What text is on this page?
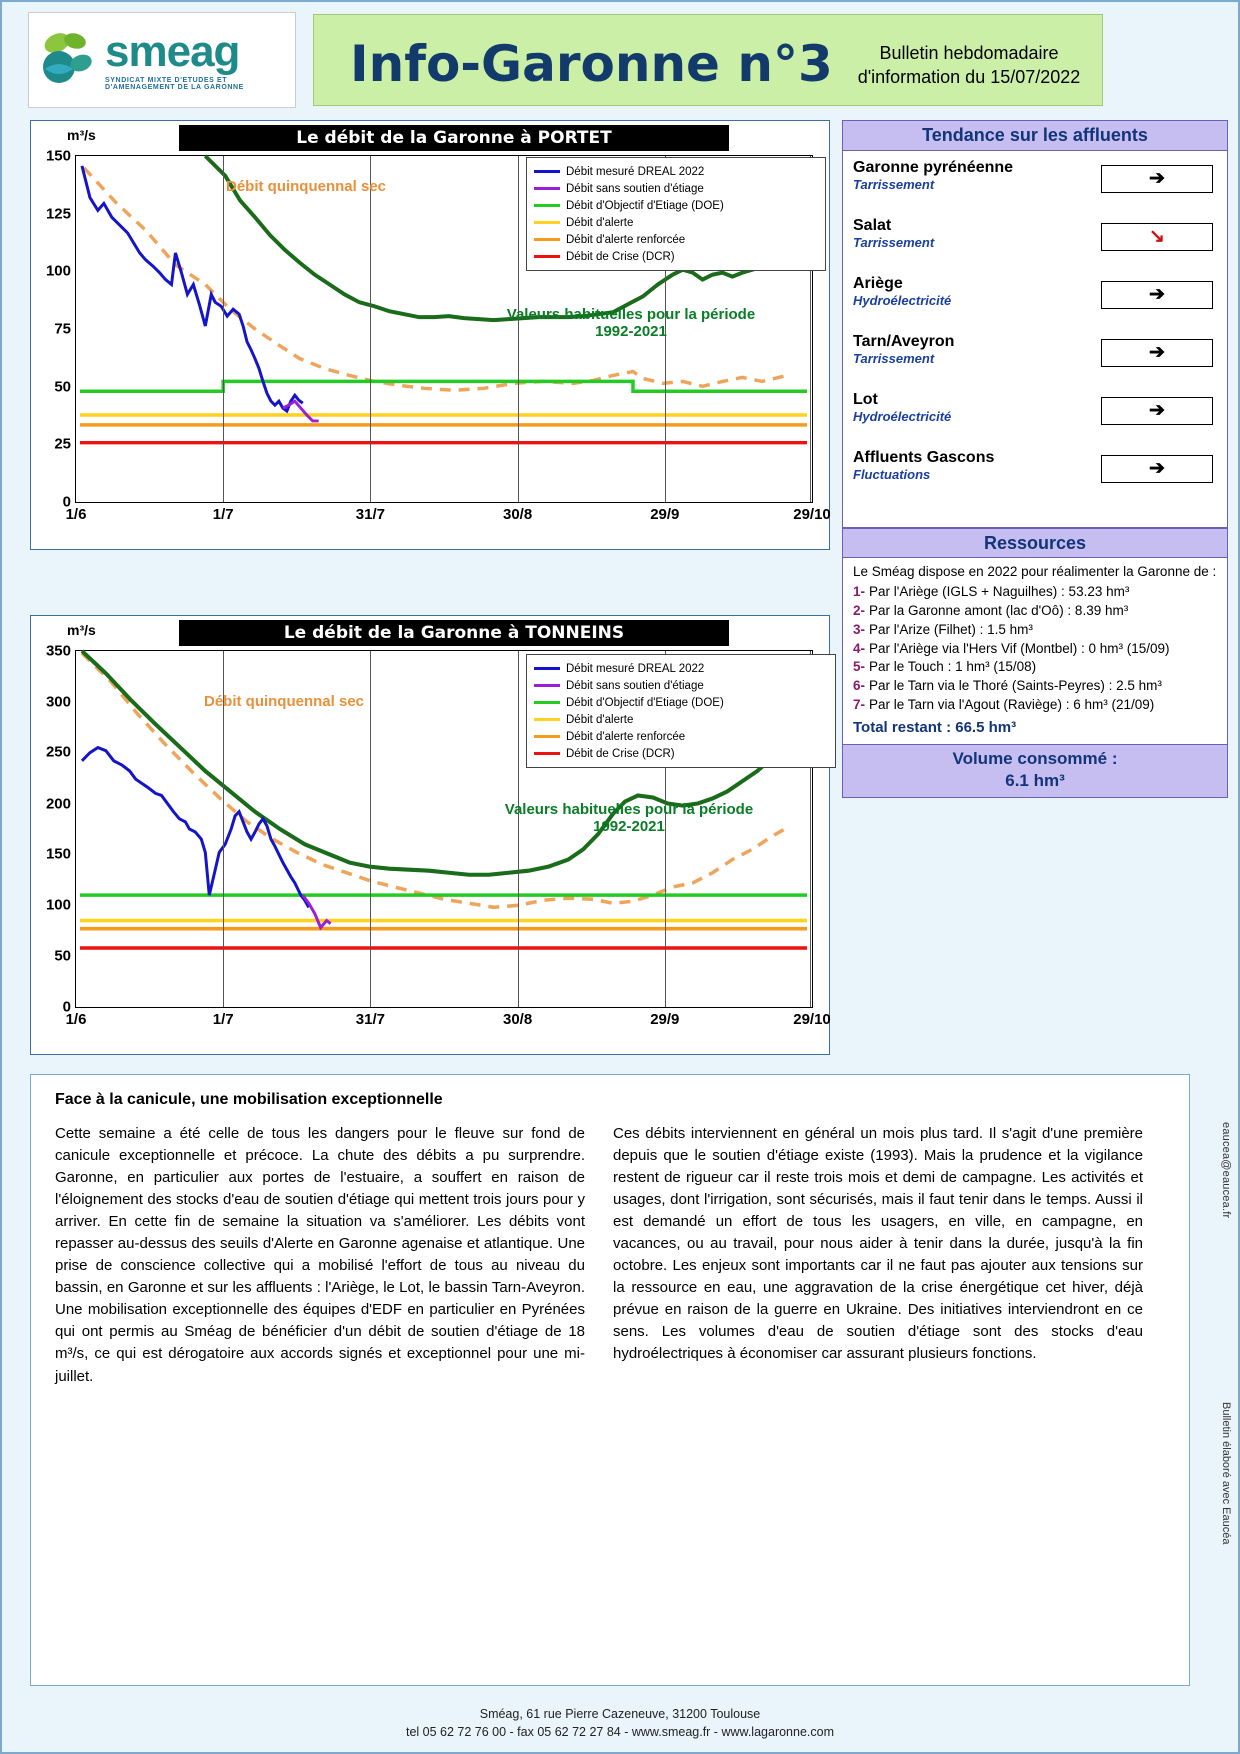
smeag
SYNDICAT MIXTE D'ETUDES ET D'AMENAGEMENT DE LA GARONNE	Info-Garonne n°3	Bulletin hebdomadaire d'information du 15/07/2022
m³/s	Le débit de la Garonne à PORTET
0
25
50
75
100
125
150
1/6	1/7	31/7	30/8	29/9	29/10
Débit quinquennal sec
Valeurs habituelles pour la période 1992-2021
Débit mesuré DREAL 2022
Débit sans soutien d'étiage
Débit d'Objectif d'Etiage (DOE)
Débit d'alerte
Débit d'alerte renforcée
Débit de Crise (DCR)
m³/s	Le débit de la Garonne à TONNEINS
0
50
100
150
200
250
300
350
1/6	1/7	31/7	30/8	29/9	29/10
Débit quinquennal sec
Valeurs habituelles pour la période 1992-2021
Débit mesuré DREAL 2022
Débit sans soutien d'étiage
Débit d'Objectif d'Etiage (DOE)
Débit d'alerte
Débit d'alerte renforcée
Débit de Crise (DCR)
Tendance sur les affluents
Garonne pyrénéenne
Tarrissement	➔
Salat
Tarrissement	↘
Ariège
Hydroélectricité	➔
Tarn/Aveyron
Tarrissement	➔
Lot
Hydroélectricité	➔
Affluents Gascons
Fluctuations	➔
Ressources
Le Sméag dispose en 2022 pour réalimenter la Garonne de :
1- Par l'Ariège (IGLS + Naguilhes) : 53.23 hm³
2- Par la Garonne amont (lac d'Oô) : 8.39 hm³
3- Par l'Arize (Filhet) : 1.5 hm³
4- Par l'Ariège via l'Hers Vif (Montbel) : 0 hm³ (15/09)
5- Par le Touch : 1 hm³ (15/08)
6- Par le Tarn via le Thoré (Saints-Peyres) : 2.5 hm³
7- Par le Tarn via l'Agout (Raviège) : 6 hm³ (21/09)
Total restant : 66.5 hm³
Volume consommé :
6.1 hm³
Face à la canicule, une mobilisation exceptionnelle

Cette semaine a été celle de tous les dangers pour le fleuve sur fond de canicule exceptionnelle et précoce. La chute des débits a pu surprendre. Garonne, en particulier aux portes de l'estuaire, a souffert en raison de l'éloignement des stocks d'eau de soutien d'étiage qui mettent trois jours pour y arriver. En cette fin de semaine la situation va s'améliorer. Les débits vont repasser au-dessus des seuils d'Alerte en Garonne agenaise et atlantique. Une prise de conscience collective qui a mobilisé l'effort de tous au niveau du bassin, en Garonne et sur les affluents : l'Ariège, le Lot, le bassin Tarn-Aveyron. Une mobilisation exceptionnelle des équipes d'EDF en particulier en Pyrénées qui ont permis au Sméag de bénéficier d'un débit de soutien d'étiage de 18 m³/s, ce qui est dérogatoire aux accords signés et exceptionnel pour une mi-juillet.

Ces débits interviennent en général un mois plus tard. Il s'agit d'une première depuis que le soutien d'étiage existe (1993). Mais la prudence et la vigilance restent de rigueur car il reste trois mois et demi de campagne. Les activités et usages, dont l'irrigation, sont sécurisés, mais il faut tenir dans le temps. Aussi il est demandé un effort de tous les usagers, en ville, en campagne, en vacances, ou au travail, pour nous aider à tenir dans la durée, jusqu'à la fin octobre. Les enjeux sont importants car il ne faut pas ajouter aux tensions sur la ressource en eau, une aggravation de la crise énergétique cet hiver, déjà prévue en raison de la guerre en Ukraine. Des initiatives interviendront en ce sens. Les volumes d'eau de soutien d'étiage sont des stocks d'eau hydroélectriques à économiser car assurant plusieurs fonctions.

eaucea@eaucea.fr
Bulletin élaboré avec Eaucéa
Sméag, 61 rue Pierre Cazeneuve, 31200 Toulouse
tel 05 62 72 76 00 - fax 05 62 72 27 84 - www.smeag.fr - www.lagaronne.com
